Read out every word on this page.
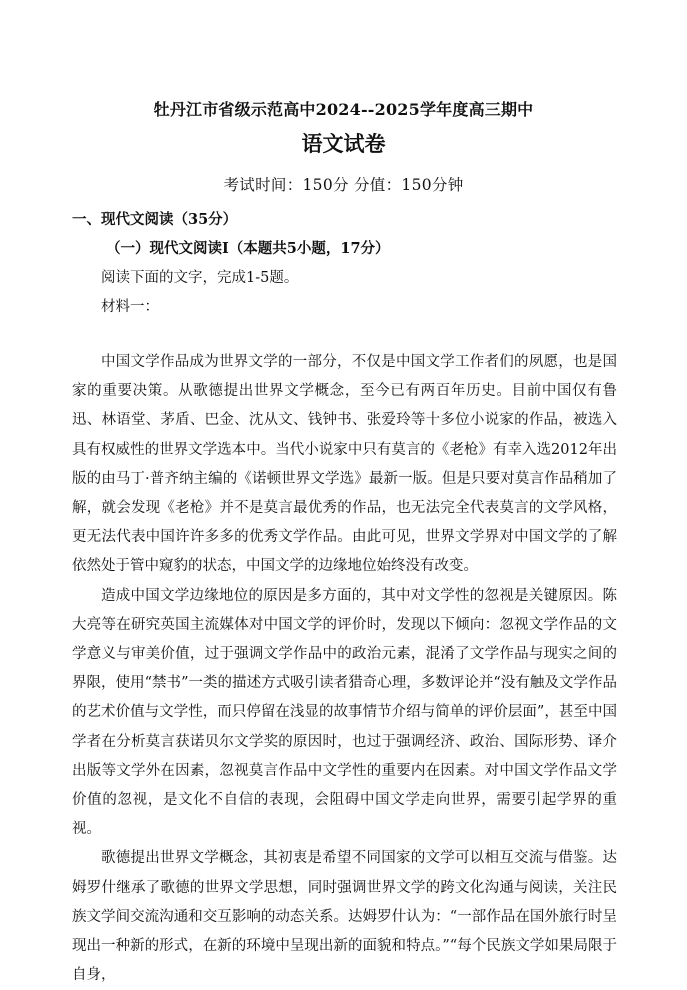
牡丹江市省级示范高中2024--2025学年度高三期中
语文试卷
考试时间：150分 分值：150分钟
一、现代文阅读（35分）
（一）现代文阅读Ⅰ（本题共5小题，17分）
阅读下面的文字，完成1-5题。
材料一：

中国文学作品成为世界文学的一部分，不仅是中国文学工作者们的夙愿，也是国家的重要决策。从歌德提出世界文学概念，至今已有两百年历史。目前中国仅有鲁迅、林语堂、茅盾、巴金、沈从文、钱钟书、张爱玲等十多位小说家的作品，被选入具有权威性的世界文学选本中。当代小说家中只有莫言的《老枪》有幸入选2012年出版的由马丁·普齐纳主编的《诺顿世界文学选》最新一版。但是只要对莫言作品稍加了解，就会发现《老枪》并不是莫言最优秀的作品，也无法完全代表莫言的文学风格，更无法代表中国许许多多的优秀文学作品。由此可见，世界文学界对中国文学的了解依然处于管中窥豹的状态，中国文学的边缘地位始终没有改变。

造成中国文学边缘地位的原因是多方面的，其中对文学性的忽视是关键原因。陈大亮等在研究英国主流媒体对中国文学的评价时，发现以下倾向：忽视文学作品的文学意义与审美价值，过于强调文学作品中的政治元素，混淆了文学作品与现实之间的界限，使用“禁书”一类的描述方式吸引读者猎奇心理，多数评论并“没有触及文学作品的艺术价值与文学性，而只停留在浅显的故事情节介绍与简单的评价层面”，甚至中国学者在分析莫言获诺贝尔文学奖的原因时，也过于强调经济、政治、国际形势、译介出版等文学外在因素，忽视莫言作品中文学性的重要内在因素。对中国文学作品文学价值的忽视，是文化不自信的表现，会阻碍中国文学走向世界，需要引起学界的重视。

歌德提出世界文学概念，其初衷是希望不同国家的文学可以相互交流与借鉴。达姆罗什继承了歌德的世界文学思想，同时强调世界文学的跨文化沟通与阅读，关注民族文学间交流沟通和交互影响的动态关系。达姆罗什认为：“一部作品在国外旅行时呈现出一种新的形式，在新的环境中呈现出新的面貌和特点。”“每个民族文学如果局限于自身，
